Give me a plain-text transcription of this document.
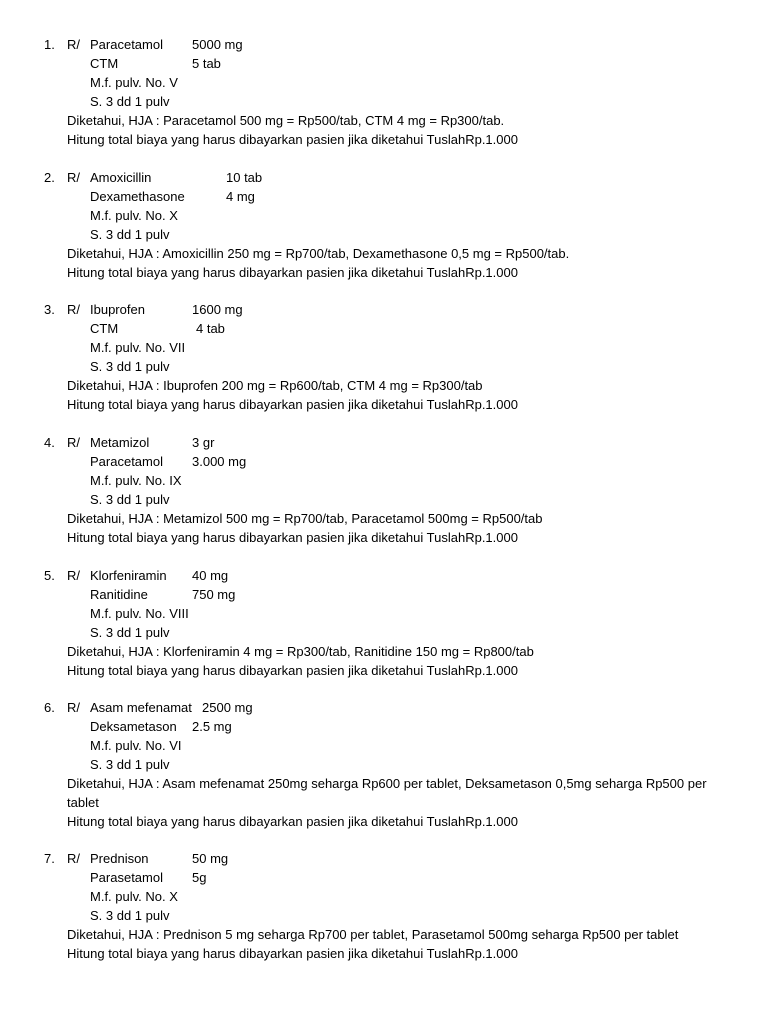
1. R/ Paracetamol 5000 mg
CTM	5 tab
M.f. pulv. No. V
S. 3 dd 1 pulv
Diketahui, HJA : Paracetamol 500 mg = Rp500/tab, CTM 4 mg = Rp300/tab.
Hitung total biaya yang harus dibayarkan pasien jika diketahui TuslahRp.1.000
2. R/ Amoxicillin	10 tab
Dexamethasone	4 mg
M.f. pulv. No. X
S. 3 dd 1 pulv
Diketahui, HJA : Amoxicillin 250 mg = Rp700/tab, Dexamethasone 0,5 mg = Rp500/tab.
Hitung total biaya yang harus dibayarkan pasien jika diketahui TuslahRp.1.000
3. R/ Ibuprofen	1600 mg
CTM	4 tab
M.f. pulv. No. VII
S. 3 dd 1 pulv
Diketahui, HJA : Ibuprofen 200 mg = Rp600/tab, CTM 4 mg = Rp300/tab
Hitung total biaya yang harus dibayarkan pasien jika diketahui TuslahRp.1.000
4. R/ Metamizol	3 gr
Paracetamol 3.000 mg
M.f. pulv. No. IX
S. 3 dd 1 pulv
Diketahui, HJA : Metamizol 500 mg = Rp700/tab, Paracetamol 500mg = Rp500/tab
Hitung total biaya yang harus dibayarkan pasien jika diketahui TuslahRp.1.000
5. R/ Klorfeniramin 40 mg
Ranitidine	750 mg
M.f. pulv. No. VIII
S. 3 dd 1 pulv
Diketahui, HJA : Klorfeniramin 4 mg = Rp300/tab, Ranitidine 150 mg = Rp800/tab
Hitung total biaya yang harus dibayarkan pasien jika diketahui TuslahRp.1.000
6. R/ Asam mefenamat 2500 mg
Deksametason 2.5 mg
M.f. pulv. No. VI
S. 3 dd 1 pulv
Diketahui, HJA : Asam mefenamat 250mg seharga Rp600 per tablet, Deksametason 0,5mg seharga Rp500 per tablet
Hitung total biaya yang harus dibayarkan pasien jika diketahui TuslahRp.1.000
7. R/ Prednison	50 mg
Parasetamol 5g
M.f. pulv. No. X
S. 3 dd 1 pulv
Diketahui, HJA : Prednison 5 mg seharga Rp700 per tablet, Parasetamol 500mg seharga Rp500 per tablet
Hitung total biaya yang harus dibayarkan pasien jika diketahui TuslahRp.1.000
